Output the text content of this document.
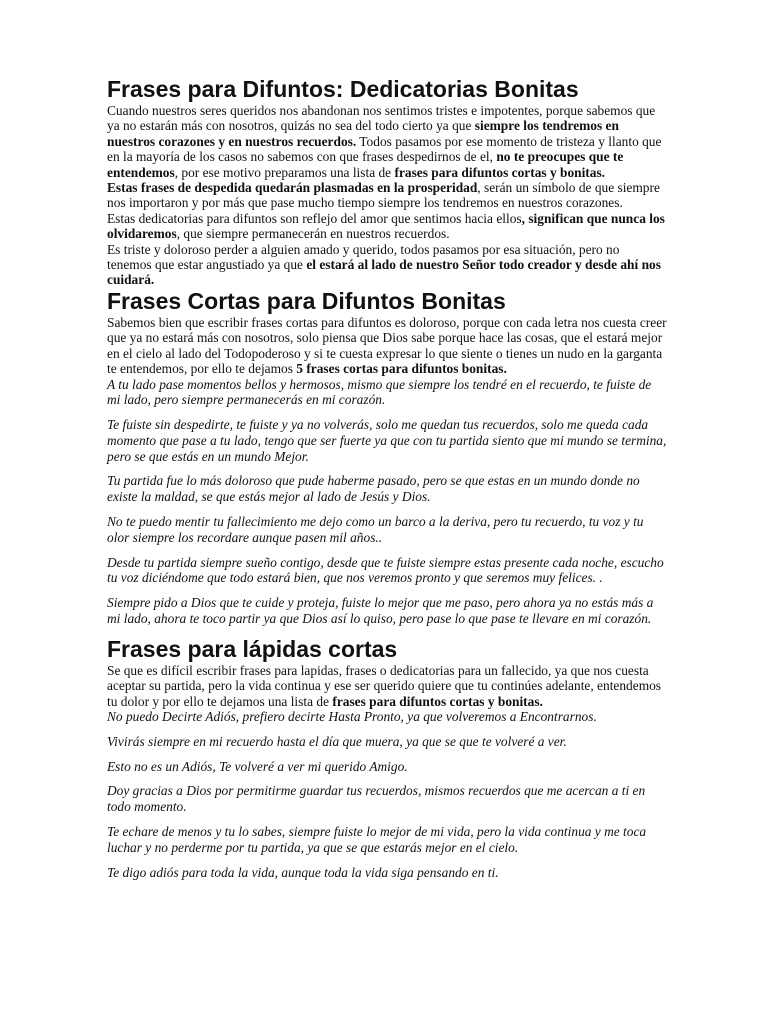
Frases para Difuntos: Dedicatorias Bonitas

Cuando nuestros seres queridos nos abandonan nos sentimos tristes e impotentes, porque sabemos que ya no estarán más con nosotros, quizás no sea del todo cierto ya que siempre los tendremos en nuestros corazones y en nuestros recuerdos. Todos pasamos por ese momento de tristeza y llanto que en la mayoría de los casos no sabemos con que frases despedirnos de el, no te preocupes que te entendemos, por ese motivo preparamos una lista de frases para difuntos cortas y bonitas.

Estas frases de despedida quedarán plasmadas en la prosperidad, serán un símbolo de que siempre nos importaron y por más que pase mucho tiempo siempre los tendremos en nuestros corazones.

Estas dedicatorias para difuntos son reflejo del amor que sentimos hacia ellos, significan que nunca los olvidaremos, que siempre permanecerán en nuestros recuerdos.

Es triste y doloroso perder a alguien amado y querido, todos pasamos por esa situación, pero no tenemos que estar angustiado ya que el estará al lado de nuestro Señor todo creador y desde ahí nos cuidará.

Frases Cortas para Difuntos Bonitas

Sabemos bien que escribir frases cortas para difuntos es doloroso, porque con cada letra nos cuesta creer que ya no estará más con nosotros, solo piensa que Dios sabe porque hace las cosas, que el estará mejor en el cielo al lado del Todopoderoso y si te cuesta expresar lo que siente o tienes un nudo en la garganta te entendemos, por ello te dejamos 5 frases cortas para difuntos bonitas.

A tu lado pase momentos bellos y hermosos, mismo que siempre los tendré en el recuerdo, te fuiste de mi lado, pero siempre permanecerás en mi corazón.

Te fuiste sin despedirte, te fuiste y ya no volverás, solo me quedan tus recuerdos, solo me queda cada momento que pase a tu lado, tengo que ser fuerte ya que con tu partida siento que mi mundo se termina, pero se que estás en un mundo Mejor.

Tu partida fue lo más doloroso que pude haberme pasado, pero se que estas en un mundo donde no existe la maldad, se que estás mejor al lado de Jesús y Dios.

No te puedo mentir tu fallecimiento me dejo como un barco a la deriva, pero tu recuerdo, tu voz y tu olor siempre los recordare aunque pasen mil años..

Desde tu partida siempre sueño contigo, desde que te fuiste siempre estas presente cada noche, escucho tu voz diciéndome que todo estará bien, que nos veremos pronto y que seremos muy felices. .

Siempre pido a Dios que te cuide y proteja, fuiste lo mejor que me paso, pero ahora ya no estás más a mi lado, ahora te toco partir ya que Dios así lo quiso, pero pase lo que pase te llevare en mi corazón.

Frases para lápidas cortas

Se que es difícil escribir frases para lapidas, frases o dedicatorias para un fallecido, ya que nos cuesta aceptar su partida, pero la vida continua y ese ser querido quiere que tu continúes adelante, entendemos tu dolor y por ello te dejamos una lista de frases para difuntos cortas y bonitas.

No puedo Decirte Adiós, prefiero decirte Hasta Pronto, ya que volveremos a Encontrarnos.

Vivirás siempre en mi recuerdo hasta el día que muera, ya que se que te volveré a ver.

Esto no es un Adiós, Te volveré a ver mi querido Amigo.

Doy gracias a Dios por permitirme guardar tus recuerdos, mismos recuerdos que me acercan a ti en todo momento.

Te echare de menos y tu lo sabes, siempre fuiste lo mejor de mi vida, pero la vida continua y me toca luchar y no perderme por tu partida, ya que se que estarás mejor en el cielo.

Te digo adiós para toda la vida, aunque toda la vida siga pensando en ti.
